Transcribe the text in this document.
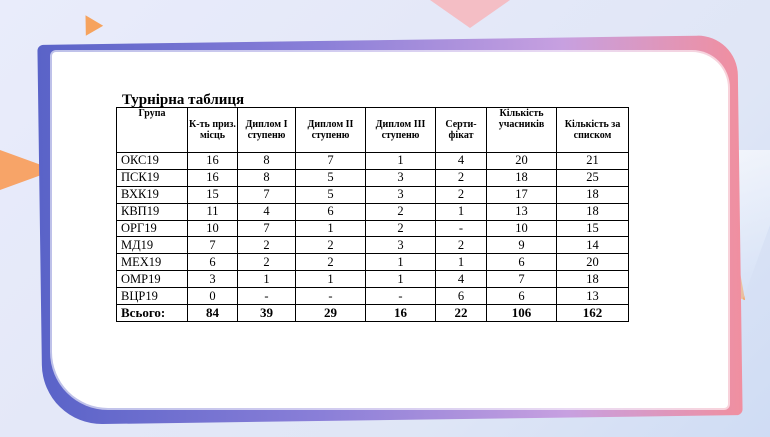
Турнірна таблиця
Група	К-ть приз. місць	Диплом I ступеню	Диплом II ступеню	Диплом III ступеню	Серти-фікат	Кількість учасників	Кількість за списком
ОКС19	16	8	7	1	4	20	21
ПСК19	16	8	5	3	2	18	25
ВХК19	15	7	5	3	2	17	18
КВП19	11	4	6	2	1	13	18
ОРГ19	10	7	1	2	-	10	15
МД19	7	2	2	3	2	9	14
МЕХ19	6	2	2	1	1	6	20
ОМР19	3	1	1	1	4	7	18
ВЦР19	0	-	-	-	6	6	13
Всього:	84	39	29	16	22	106	162
